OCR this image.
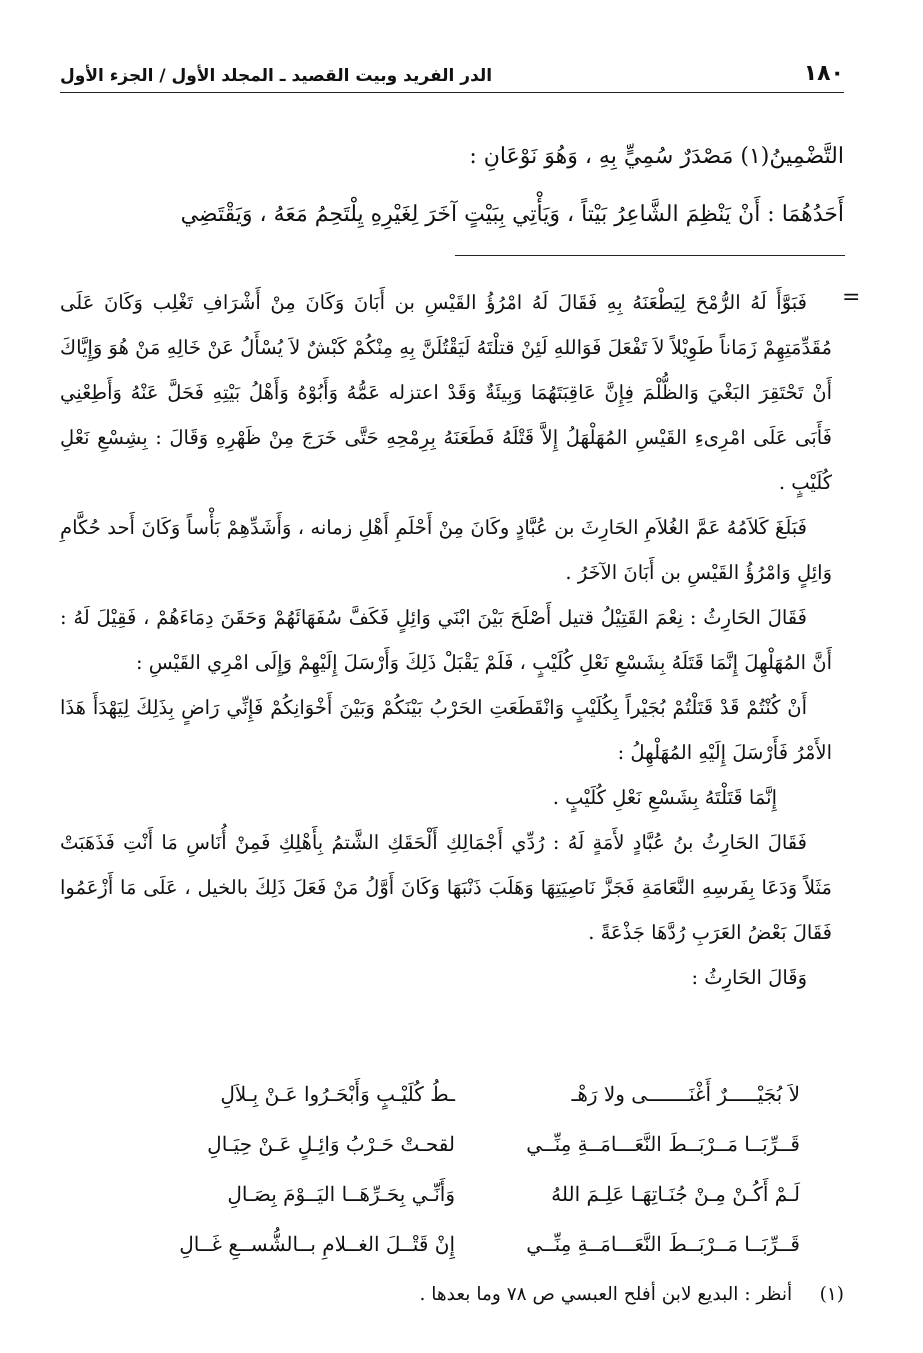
١٨٠
الدر الفريد وبيت القصيد ـ المجلد الأول / الجزء الأول

التَّضْمِينُ(١) مَصْدَرٌ سُمِيٍّ بِهِ ، وَهُوَ نَوْعَانِ :

أَحَدُهُمَا : أَنْ يَنْظِمَ الشَّاعِرُ بَيْتاً ، وَيَأْتِي بِبَيْتٍ آخَرَ لِغَيْرِهِ يِلْتَحِمُ مَعَهُ ، وَيَقْتَضِي

=

فَبَوَّأَ لَهُ الرُّمْحَ لِيَطْعَنَهُ بِهِ فَقَالَ لَهُ امْرُؤُ القَيْسِ بن أَبَانَ وَكَانَ مِنْ أَشْرَافِ تَغْلِب وَكَانَ عَلَى مُقَدِّمَتِهِمْ زَمَاناً طَوِيْلاً لاَ تَفْعَلَ فَوَاللهِ لَئِنْ قتلْتَهُ لَيَقْتُلَنَّ بِهِ مِنْكُمْ كَبْشٌ لاَ يُسْأَلُ عَنْ خَالِهِ مَنْ هُوَ وَإِيَّاكَ أَنْ تَحْتَقِرَ البَغْيَ وَالظُّلْمَ فِإِنَّ عَاقِبَتَهُمَا وَبِيئَةٌ وَقَدْ اعتزله عَمُّهُ وَأَبُوْهُ وَأَهْلُ بَيْتِهِ فَحَلَّ عَنْهُ وَأَطِعْنِي فَأَبَى عَلَى امْرِىءِ القَيْسِ المُهَلْهَلُ إِلاَّ قَتْلَهُ فَطَعَنَهُ بِرِمْحِهِ حَتَّى خَرَجَ مِنْ ظَهْرِهِ وَقَالَ : بِشِسْعِ نَعْلِ كُلَيْبٍ .

فَبَلَغَ كَلاَمُهُ عَمَّ الغُلاَمِ الحَارِثَ بن عُبَّادٍ وكَانَ مِنْ أَحْلَمِ أَهْلِ زمانه ، وَأَشَدِّهِمْ بَأْساً وَكَانَ أَحد حُكَّامِ وَائِلٍ وَامْرُؤُ القَيْسِ بن أَبَانَ الآخَرُ .

فَقَالَ الحَارِثُ : نِعْمَ القَتِيْلُ قتيل أَصْلَحَ بَيْنَ ابْنَي وَائِلٍ فَكَفَّ سُفَهَائَهُمْ وَحَقَنَ دِمَاءَهُمْ ، فَقِيْلَ لَهُ : أَنَّ المُهَلْهِلَ إِنَّمَا قَتَلَهُ بِشَسْعِ نَعْلِ كُلَيْبٍ ، فَلَمْ يَقْبَلْ ذَلِكَ وَأَرْسَلَ إِلَيْهِمْ وَإِلَى امْرِي القَيْسِ :

أَنْ كُنْتُمْ قَدْ قَتَلْتُمْ بُجَيْراً بِكُلَيْبٍ وَانْقَطَعَتِ الحَرْبُ بَيْنَكُمْ وَبَيْنَ أَخْوَانِكُمْ فَإِنِّي رَاضٍ بِذَلِكَ لِيَهْدَأَ هَذَا الأَمْرُ فَأَرْسَلَ إِلَيْهِ المُهَلْهِلُ :

إِنَّمَا قَتَلْتَهُ بِشَسْعِ نَعْلِ كُلَيْبٍ .

فَقَالَ الحَارِثُ بنُ عُبَّادٍ لأَمَةٍ لَهُ : رُدِّي أَجْمَالِكِ أَلْحَقَكِ الشَّتمُ بِأَهْلِكِ فَمِنْ أُنَاسِ مَا أَنْتِ فَذَهَبَتْ مَثَلاً وَدَعَا بِفَرسِهِ النَّعَامَةِ فَجَزَّ نَاصِيَتِهَا وَهَلَبَ ذَنْبَهَا وَكَانَ أَوَّلُ مَنْ فَعَلَ ذَلِكَ بالخيل ، عَلَى مَا أَزْعَمُوا فَقَالَ بَعْضُ العَرَبِ رُدَّهَا جَذْعَةً .

وَقَالَ الحَارِثُ :

لاَ بُجَيْـــــرٌ أَغْنَـــــــى ولا رَهْـ
ـطُ كُلَيْـبٍ وَأَبْحَـرُوا عَـنْ بِـلاَلِ
قَــرِّبَــا مَــرْبَــطَ النَّعَـــامَــةِ مِنِّــي
لقحـتْ حَـرْبُ وَائِـلٍ عَـنْ حِيَـالِ
لَـمْ أَكُـنْ مِـنْ جُنَـاتِهَـا عَلِـمَ اللهُ
وَأَنِّـي بِحَـرِّهَــا اليَــوْمَ بِصَـالِ
قَــرِّبَــا مَــرْبَــطَ النَّعَـــامَــةِ مِنِّــي
إِنْ قَتْــلَ الغــلامِ بــالشُّســعِ غَــالِ
(١) أنظر : البديع لابن أفلح العبسي ص ٧٨ وما بعدها .
